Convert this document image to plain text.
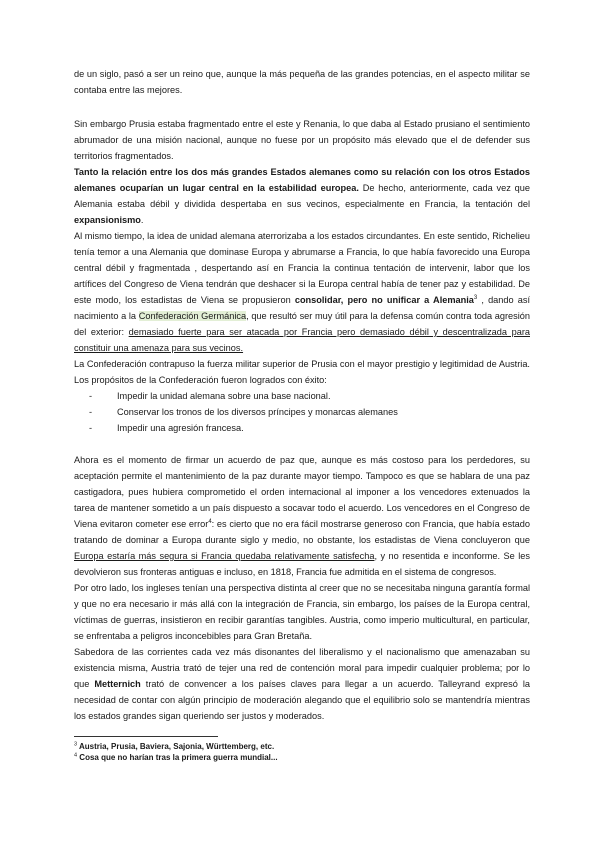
de un siglo, pasó a ser un reino que, aunque la más pequeña de las grandes potencias, en el aspecto militar se contaba entre las mejores.

Sin embargo Prusia estaba fragmentado entre el este y Renania, lo que daba al Estado prusiano el sentimiento abrumador de una misión nacional, aunque no fuese por un propósito más elevado que el de defender sus territorios fragmentados.

Tanto la relación entre los dos más grandes Estados alemanes como su relación con los otros Estados alemanes ocuparían un lugar central en la estabilidad europea. De hecho, anteriormente, cada vez que Alemania estaba débil y dividida despertaba en sus vecinos, especialmente en Francia, la tentación del expansionismo.

Al mismo tiempo, la idea de unidad alemana aterrorizaba a los estados circundantes. En este sentido, Richelieu tenía temor a una Alemania que dominase Europa y abrumarse a Francia, lo que había favorecido una Europa central débil y fragmentada , despertando así en Francia la continua tentación de intervenir, labor que los artífices del Congreso de Viena tendrán que deshacer si la Europa central había de tener paz y estabilidad. De este modo, los estadistas de Viena se propusieron consolidar, pero no unificar a Alemania$^3$ , dando así nacimiento a la Confederación Germánica, que resultó ser muy útil para la defensa común contra toda agresión del exterior: demasiado fuerte para ser atacada por Francia pero demasiado débil y descentralizada para constituir una amenaza para sus vecinos.

La Confederación contrapuso la fuerza militar superior de Prusia con el mayor prestigio y legitimidad de Austria. Los propósitos de la Confederación fueron logrados con éxito:

-	Impedir la unidad alemana sobre una base nacional.
-	Conservar los tronos de los diversos príncipes y monarcas alemanes
-	Impedir una agresión francesa.

Ahora es el momento de firmar un acuerdo de paz que, aunque es más costoso para los perdedores, su aceptación permite el mantenimiento de la paz durante mayor tiempo. Tampoco es que se hablara de una paz castigadora, pues hubiera comprometido el orden internacional al imponer a los vencedores extenuados la tarea de mantener sometido a un país dispuesto a socavar todo el acuerdo. Los vencedores en el Congreso de Viena evitaron cometer ese error$^4$: es cierto que no era fácil mostrarse generoso con Francia, que había estado tratando de dominar a Europa durante siglo y medio, no obstante, los estadistas de Viena concluyeron que Europa estaría más segura si Francia quedaba relativamente satisfecha, y no resentida e inconforme. Se les devolvieron sus fronteras antiguas e incluso, en 1818, Francia fue admitida en el sistema de congresos.

Por otro lado, los ingleses tenían una perspectiva distinta al creer que no se necesitaba ninguna garantía formal y que no era necesario ir más allá con la integración de Francia, sin embargo, los países de la Europa central, víctimas de guerras, insistieron en recibir garantías tangibles. Austria, como imperio multicultural, en particular, se enfrentaba a peligros inconcebibles para Gran Bretaña.

Sabedora de las corrientes cada vez más disonantes del liberalismo y el nacionalismo que amenazaban su existencia misma, Austria trató de tejer una red de contención moral para impedir cualquier problema; por lo que Metternich trató de convencer a los países claves para llegar a un acuerdo. Talleyrand expresó la necesidad de contar con algún principio de moderación alegando que el equilibrio solo se mantendría mientras los estados grandes sigan queriendo ser justos y moderados.

$^3$ Austria, Prusia, Baviera, Sajonia, Württemberg, etc.
$^4$ Cosa que no harían tras la primera guerra mundial...
